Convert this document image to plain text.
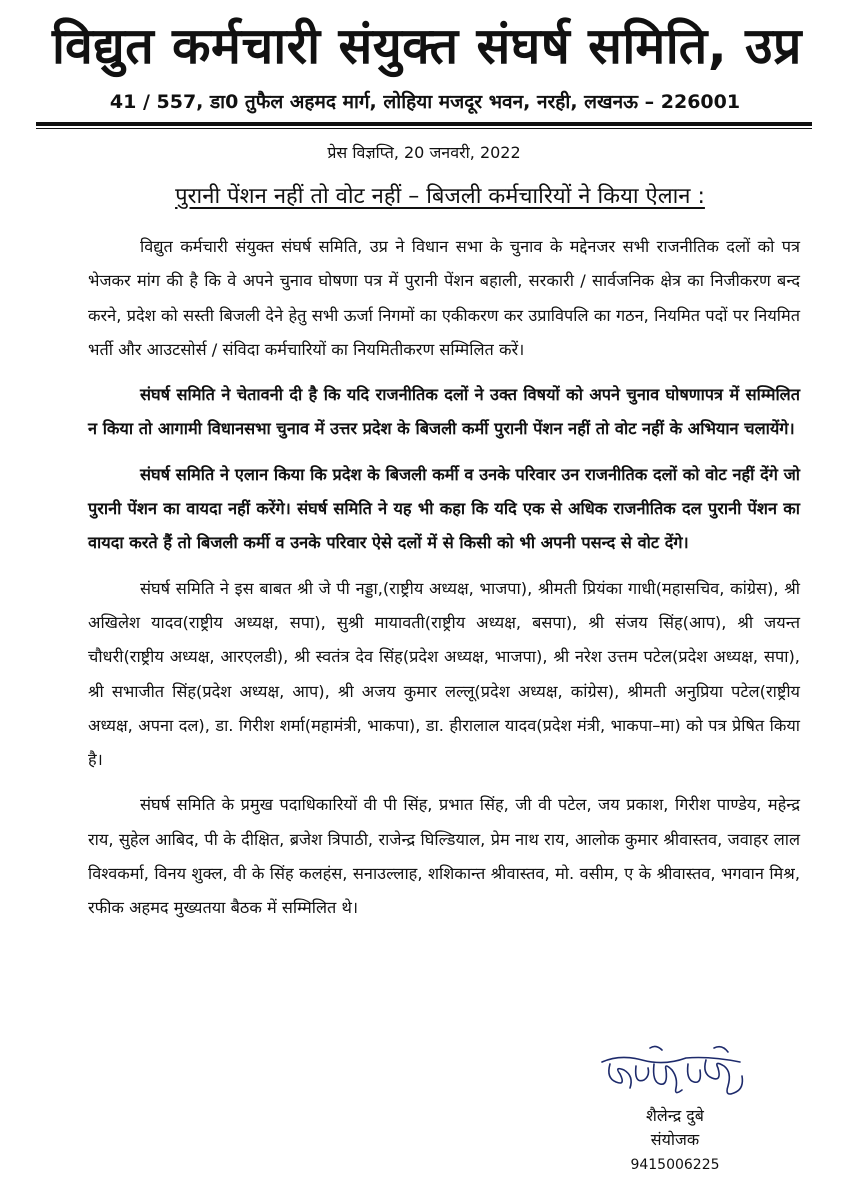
विद्युत कर्मचारी संयुक्त संघर्ष समिति, उप्र
41 / 557, डा0 तुफैल अहमद मार्ग, लोहिया मजदूर भवन, नरही, लखनऊ – 226001
प्रेस विज्ञप्ति, 20 जनवरी, 2022
पुरानी पेंशन नहीं तो वोट नहीं – बिजली कर्मचारियों ने किया ऐलान :

विद्युत कर्मचारी संयुक्त संघर्ष समिति, उप्र ने विधान सभा के चुनाव के मद्देनजर सभी राजनीतिक दलों को पत्र भेजकर मांग की है कि वे अपने चुनाव घोषणा पत्र में पुरानी पेंशन बहाली, सरकारी / सार्वजनिक क्षेत्र का निजीकरण बन्द करने, प्रदेश को सस्ती बिजली देने हेतु सभी ऊर्जा निगमों का एकीकरण कर उप्राविपलि का गठन, नियमित पदों पर नियमित भर्ती और आउटसोर्स / संविदा कर्मचारियों का नियमितीकरण सम्मिलित करें।

संघर्ष समिति ने चेतावनी दी है कि यदि राजनीतिक दलों ने उक्त विषयों को अपने चुनाव घोषणापत्र में सम्मिलित न किया तो आगामी विधानसभा चुनाव में उत्तर प्रदेश के बिजली कर्मी पुरानी पेंशन नहीं तो वोट नहीं के अभियान चलायेंगे।

संघर्ष समिति ने एलान किया कि प्रदेश के बिजली कर्मी व उनके परिवार उन राजनीतिक दलों को वोट नहीं देंगे जो पुरानी पेंशन का वायदा नहीं करेंगे। संघर्ष समिति ने यह भी कहा कि यदि एक से अधिक राजनीतिक दल पुरानी पेंशन का वायदा करते हैं तो बिजली कर्मी व उनके परिवार ऐसे दलों में से किसी को भी अपनी पसन्द से वोट देंगे।

संघर्ष समिति ने इस बाबत श्री जे पी नड्डा,(राष्ट्रीय अध्यक्ष, भाजपा), श्रीमती प्रियंका गाधी(महासचिव, कांग्रेस), श्री अखिलेश यादव(राष्ट्रीय अध्यक्ष, सपा), सुश्री मायावती(राष्ट्रीय अध्यक्ष, बसपा), श्री संजय सिंह(आप), श्री जयन्त चौधरी(राष्ट्रीय अध्यक्ष, आरएलडी), श्री स्वतंत्र देव सिंह(प्रदेश अध्यक्ष, भाजपा), श्री नरेश उत्तम पटेल(प्रदेश अध्यक्ष, सपा), श्री सभाजीत सिंह(प्रदेश अध्यक्ष, आप), श्री अजय कुमार लल्लू(प्रदेश अध्यक्ष, कांग्रेस), श्रीमती अनुप्रिया पटेल(राष्ट्रीय अध्यक्ष, अपना दल), डा. गिरीश शर्मा(महामंत्री, भाकपा), डा. हीरालाल यादव(प्रदेश मंत्री, भाकपा–मा) को पत्र प्रेषित किया है।

संघर्ष समिति के प्रमुख पदाधिकारियों वी पी सिंह, प्रभात सिंह, जी वी पटेल, जय प्रकाश, गिरीश पाण्डेय, महेन्द्र राय, सुहेल आबिद, पी के दीक्षित, ब्रजेश त्रिपाठी, राजेन्द्र घिल्डियाल, प्रेम नाथ राय, आलोक कुमार श्रीवास्तव, जवाहर लाल विश्वकर्मा, विनय शुक्ल, वी के सिंह कलहंस, सनाउल्लाह, शशिकान्त श्रीवास्तव, मो. वसीम, ए के श्रीवास्तव, भगवान मिश्र, रफीक अहमद मुख्यतया बैठक में सम्मिलित थे।

शैलेन्द्र दुबे
संयोजक
9415006225
